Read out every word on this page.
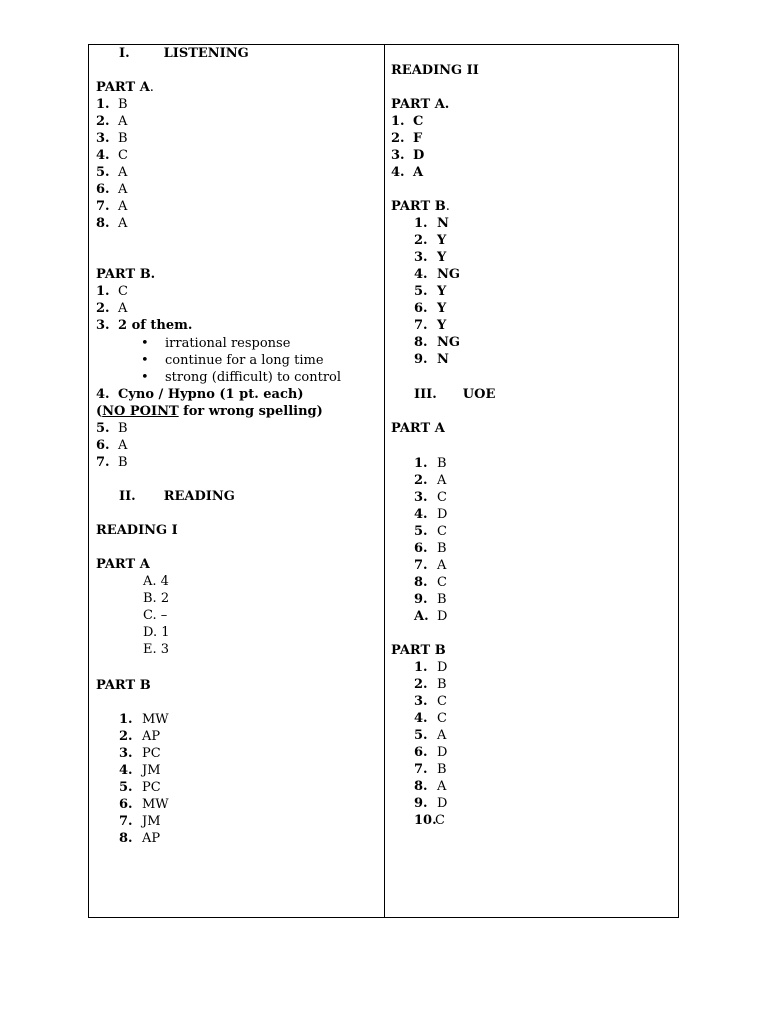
I.	LISTENING
PART A.
1. B
2. A
3. B
4. C
5. A
6. A
7. A
8. A
PART B.
1. C
2. A
3. 2 of them.
• irrational response
• continue for a long time
• strong (difficult) to control
4. Cyno / Hypno (1 pt. each)
(NO POINT for wrong spelling)
5. B
6. A
7. B
II. READING
READING I
PART A
A. 4
B. 2
C. –
D. 1
E. 3
PART B
1. MW
2. AP
3. PC
4. JM
5. PC
6. MW
7. JM
8. AP
READING II
PART A.
1. C
2. F
3. D
4. A
PART B.
1. N
2. Y
3. Y
4. NG
5. Y
6. Y
7. Y
8. NG
9. N
III. UOE
PART A
1. B
2. A
3. C
4. D
5. C
6. B
7. A
8. C
9. B
A. D
PART B
1. D
2. B
3. C
4. C
5. A
6. D
7. B
8. A
9. D
10.C
